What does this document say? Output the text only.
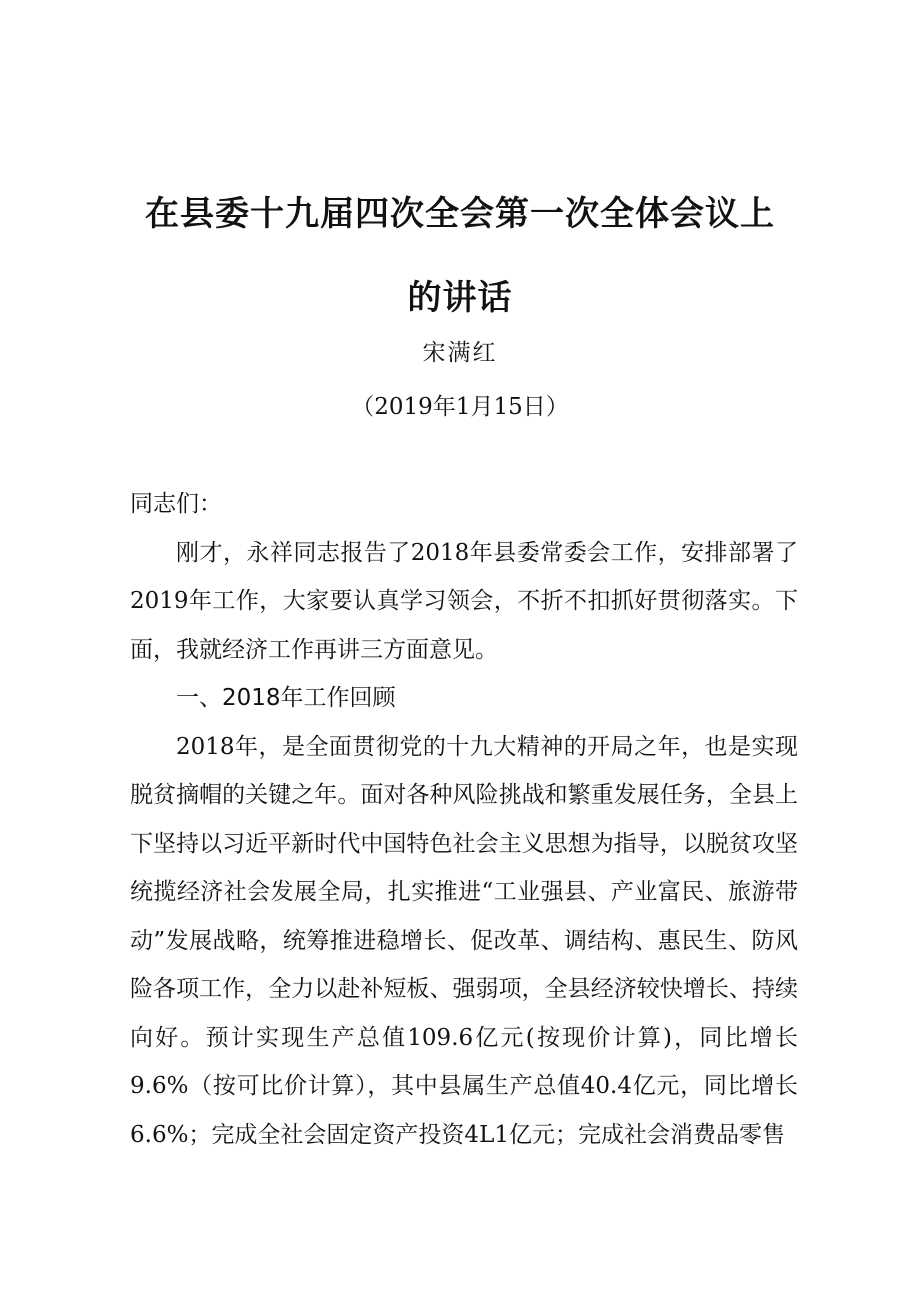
在县委十九届四次全会第一次全体会议上
的讲话
宋满红
（2019年1月15日）

同志们：

刚才，永祥同志报告了2018年县委常委会工作，安排部署了2019年工作，大家要认真学习领会，不折不扣抓好贯彻落实。下面，我就经济工作再讲三方面意见。

一、2018年工作回顾

2018年，是全面贯彻党的十九大精神的开局之年，也是实现脱贫摘帽的关键之年。面对各种风险挑战和繁重发展任务，全县上下坚持以习近平新时代中国特色社会主义思想为指导，以脱贫攻坚统揽经济社会发展全局，扎实推进“工业强县、产业富民、旅游带动”发展战略，统筹推进稳增长、促改革、调结构、惠民生、防风险各项工作，全力以赴补短板、强弱项，全县经济较快增长、持续向好。预计实现生产总值109.6亿元(按现价计算)，同比增长9.6%（按可比价计算），其中县属生产总值40.4亿元，同比增长6.6%；完成全社会固定资产投资4L1亿元；完成社会消费品零售
